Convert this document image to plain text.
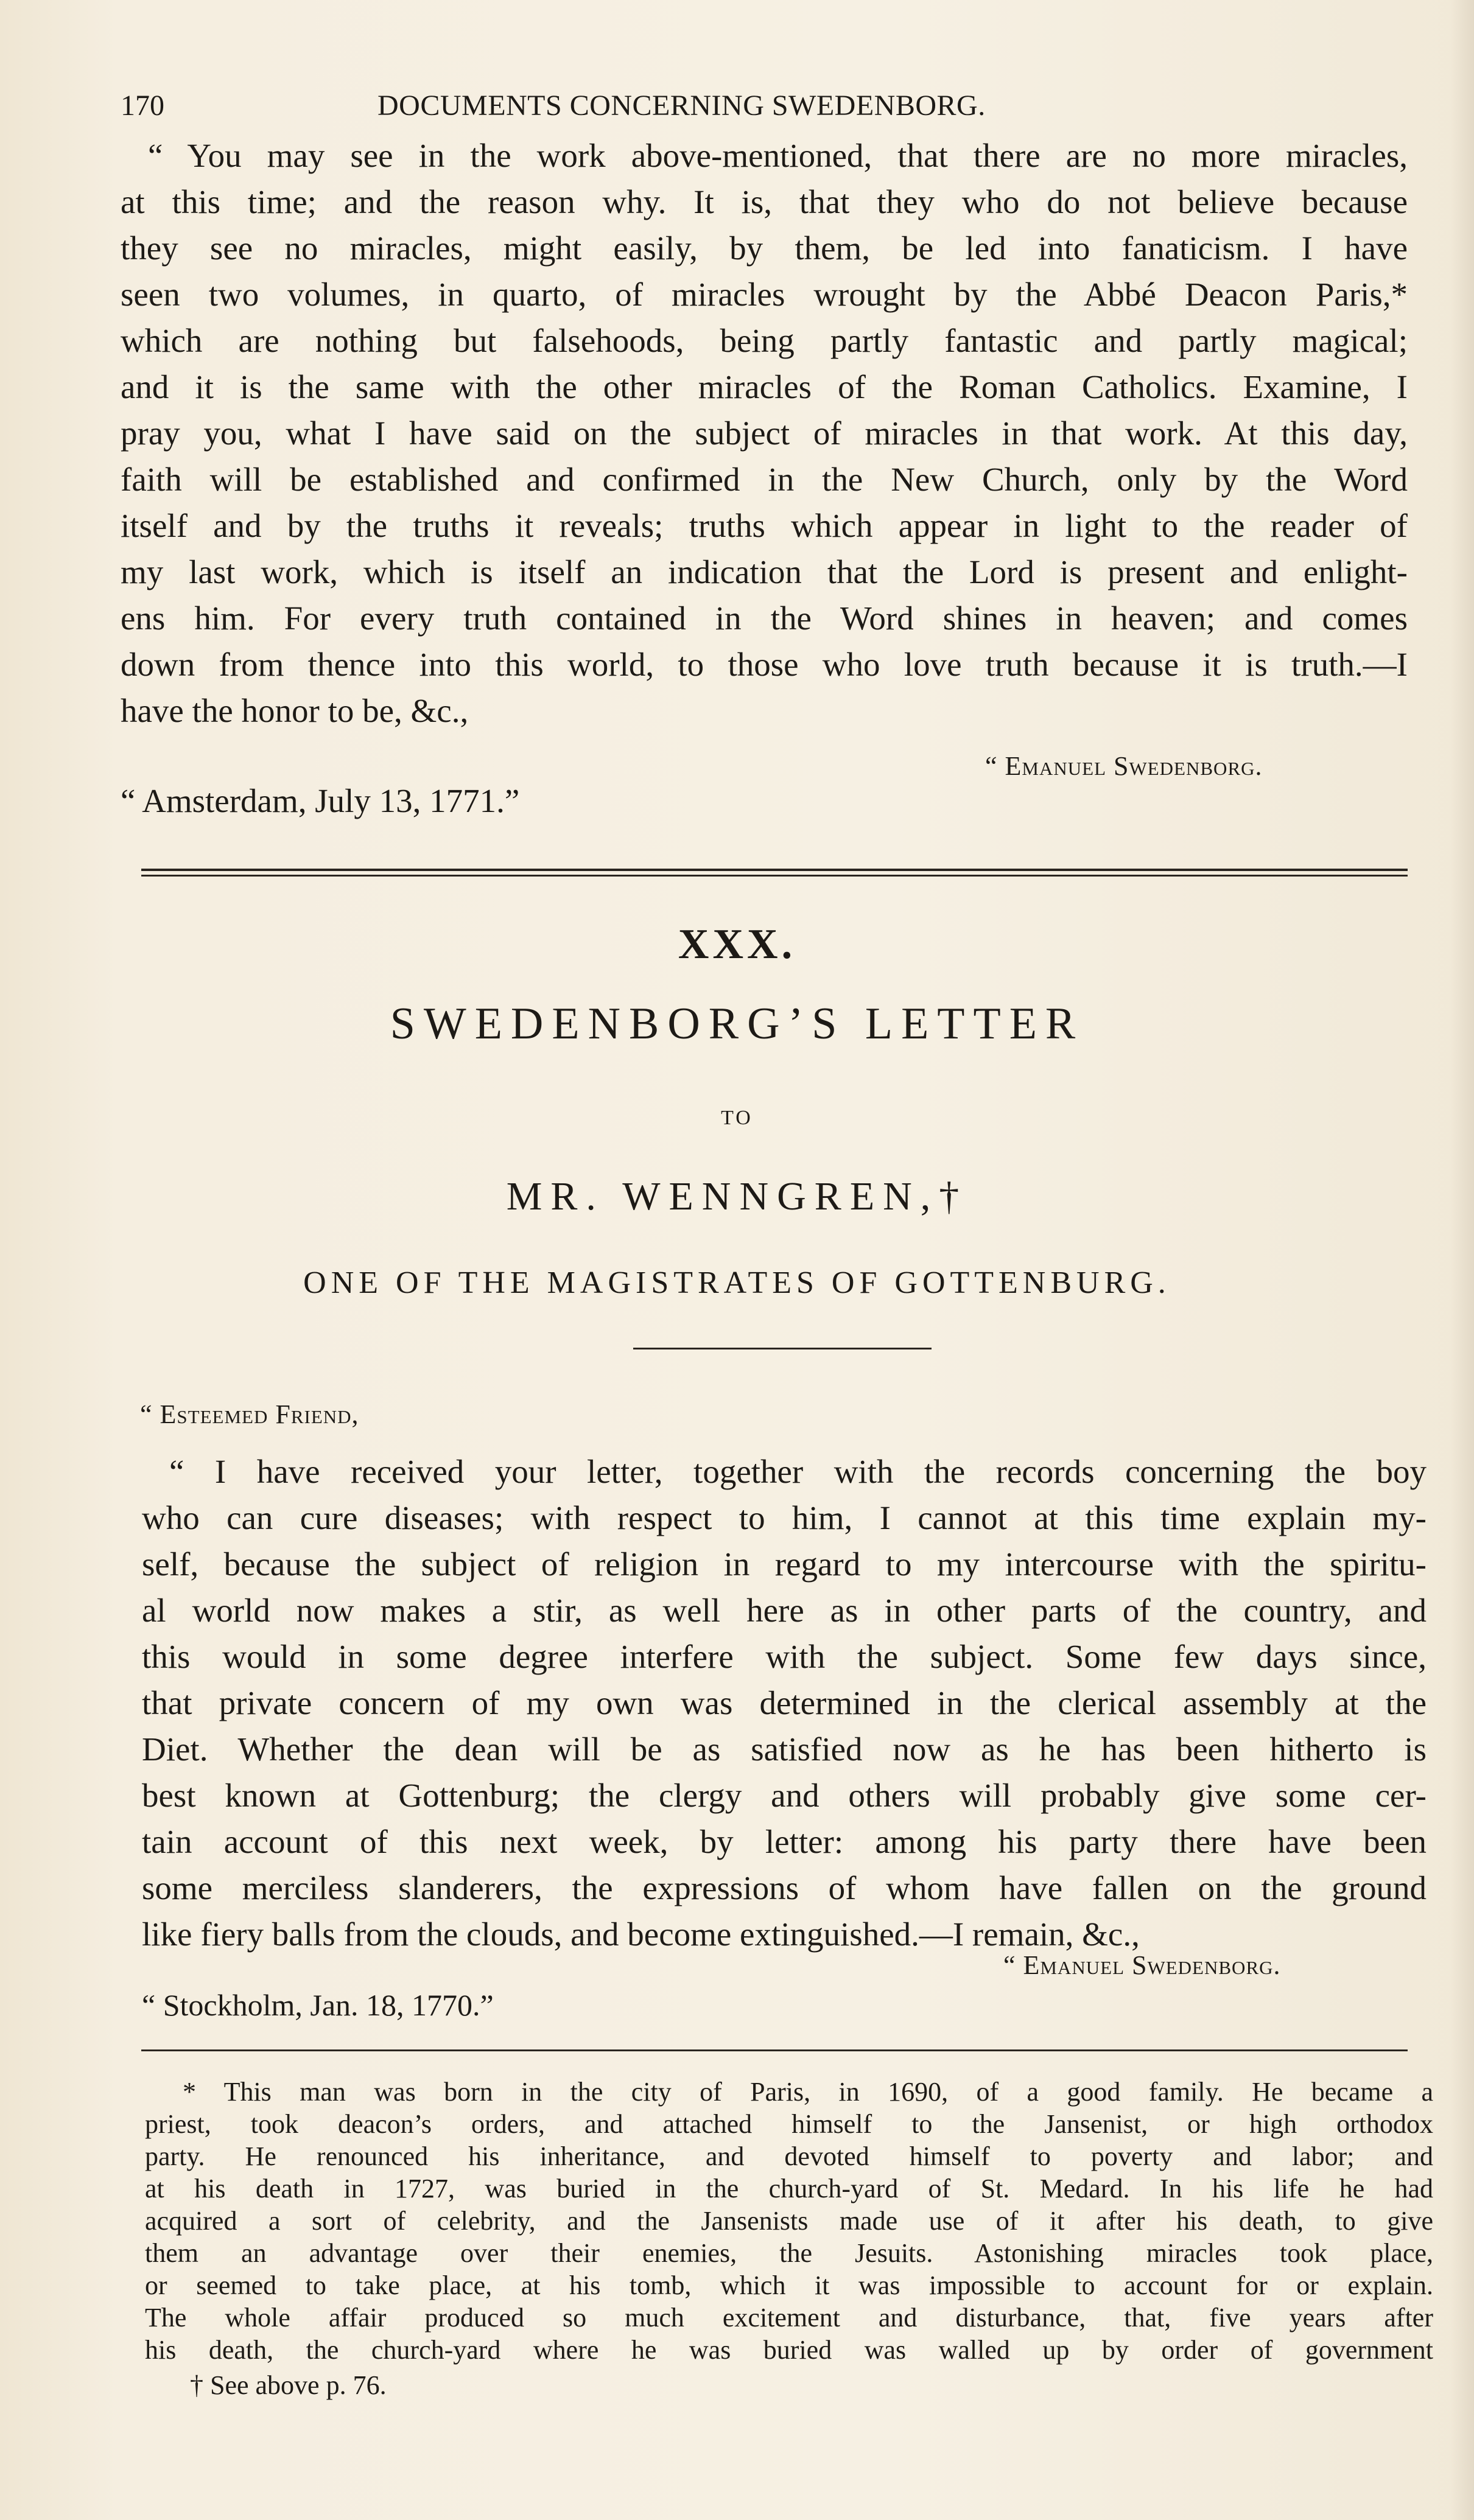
170	DOCUMENTS CONCERNING SWEDENBORG.
“ You may see in the work above-mentioned, that there are no more miracles,
at this time; and the reason why. It is, that they who do not believe because
they see no miracles, might easily, by them, be led into fanaticism. I have
seen two volumes, in quarto, of miracles wrought by the Abbé Deacon Paris,*
which are nothing but falsehoods, being partly fantastic and partly magical;
and it is the same with the other miracles of the Roman Catholics. Examine, I
pray you, what I have said on the subject of miracles in that work. At this day,
faith will be established and confirmed in the New Church, only by the Word
itself and by the truths it reveals; truths which appear in light to the reader of
my last work, which is itself an indication that the Lord is present and enlight-
ens him. For every truth contained in the Word shines in heaven; and comes
down from thence into this world, to those who love truth because it is truth.—I
have the honor to be, &c.,
“ Emanuel Swedenborg.
“ Amsterdam, July 13, 1771.”
XXX.
SWEDENBORG’S LETTER
TO
MR. WENNGREN,†
ONE OF THE MAGISTRATES OF GOTTENBURG.
“ Esteemed Friend,
“ I have received your letter, together with the records concerning the boy
who can cure diseases; with respect to him, I cannot at this time explain my-
self, because the subject of religion in regard to my intercourse with the spiritu-
al world now makes a stir, as well here as in other parts of the country, and
this would in some degree interfere with the subject. Some few days since,
that private concern of my own was determined in the clerical assembly at the
Diet. Whether the dean will be as satisfied now as he has been hitherto is
best known at Gottenburg; the clergy and others will probably give some cer-
tain account of this next week, by letter: among his party there have been
some merciless slanderers, the expressions of whom have fallen on the ground
like fiery balls from the clouds, and become extinguished.—I remain, &c.,
“ Emanuel Swedenborg.
“ Stockholm, Jan. 18, 1770.”
* This man was born in the city of Paris, in 1690, of a good family. He became a
priest, took deacon’s orders, and attached himself to the Jansenist, or high orthodox
party. He renounced his inheritance, and devoted himself to poverty and labor; and
at his death in 1727, was buried in the church-yard of St. Medard. In his life he had
acquired a sort of celebrity, and the Jansenists made use of it after his death, to give
them an advantage over their enemies, the Jesuits. Astonishing miracles took place,
or seemed to take place, at his tomb, which it was impossible to account for or explain.
The whole affair produced so much excitement and disturbance, that, five years after
his death, the church-yard where he was buried was walled up by order of government
† See above p. 76.
